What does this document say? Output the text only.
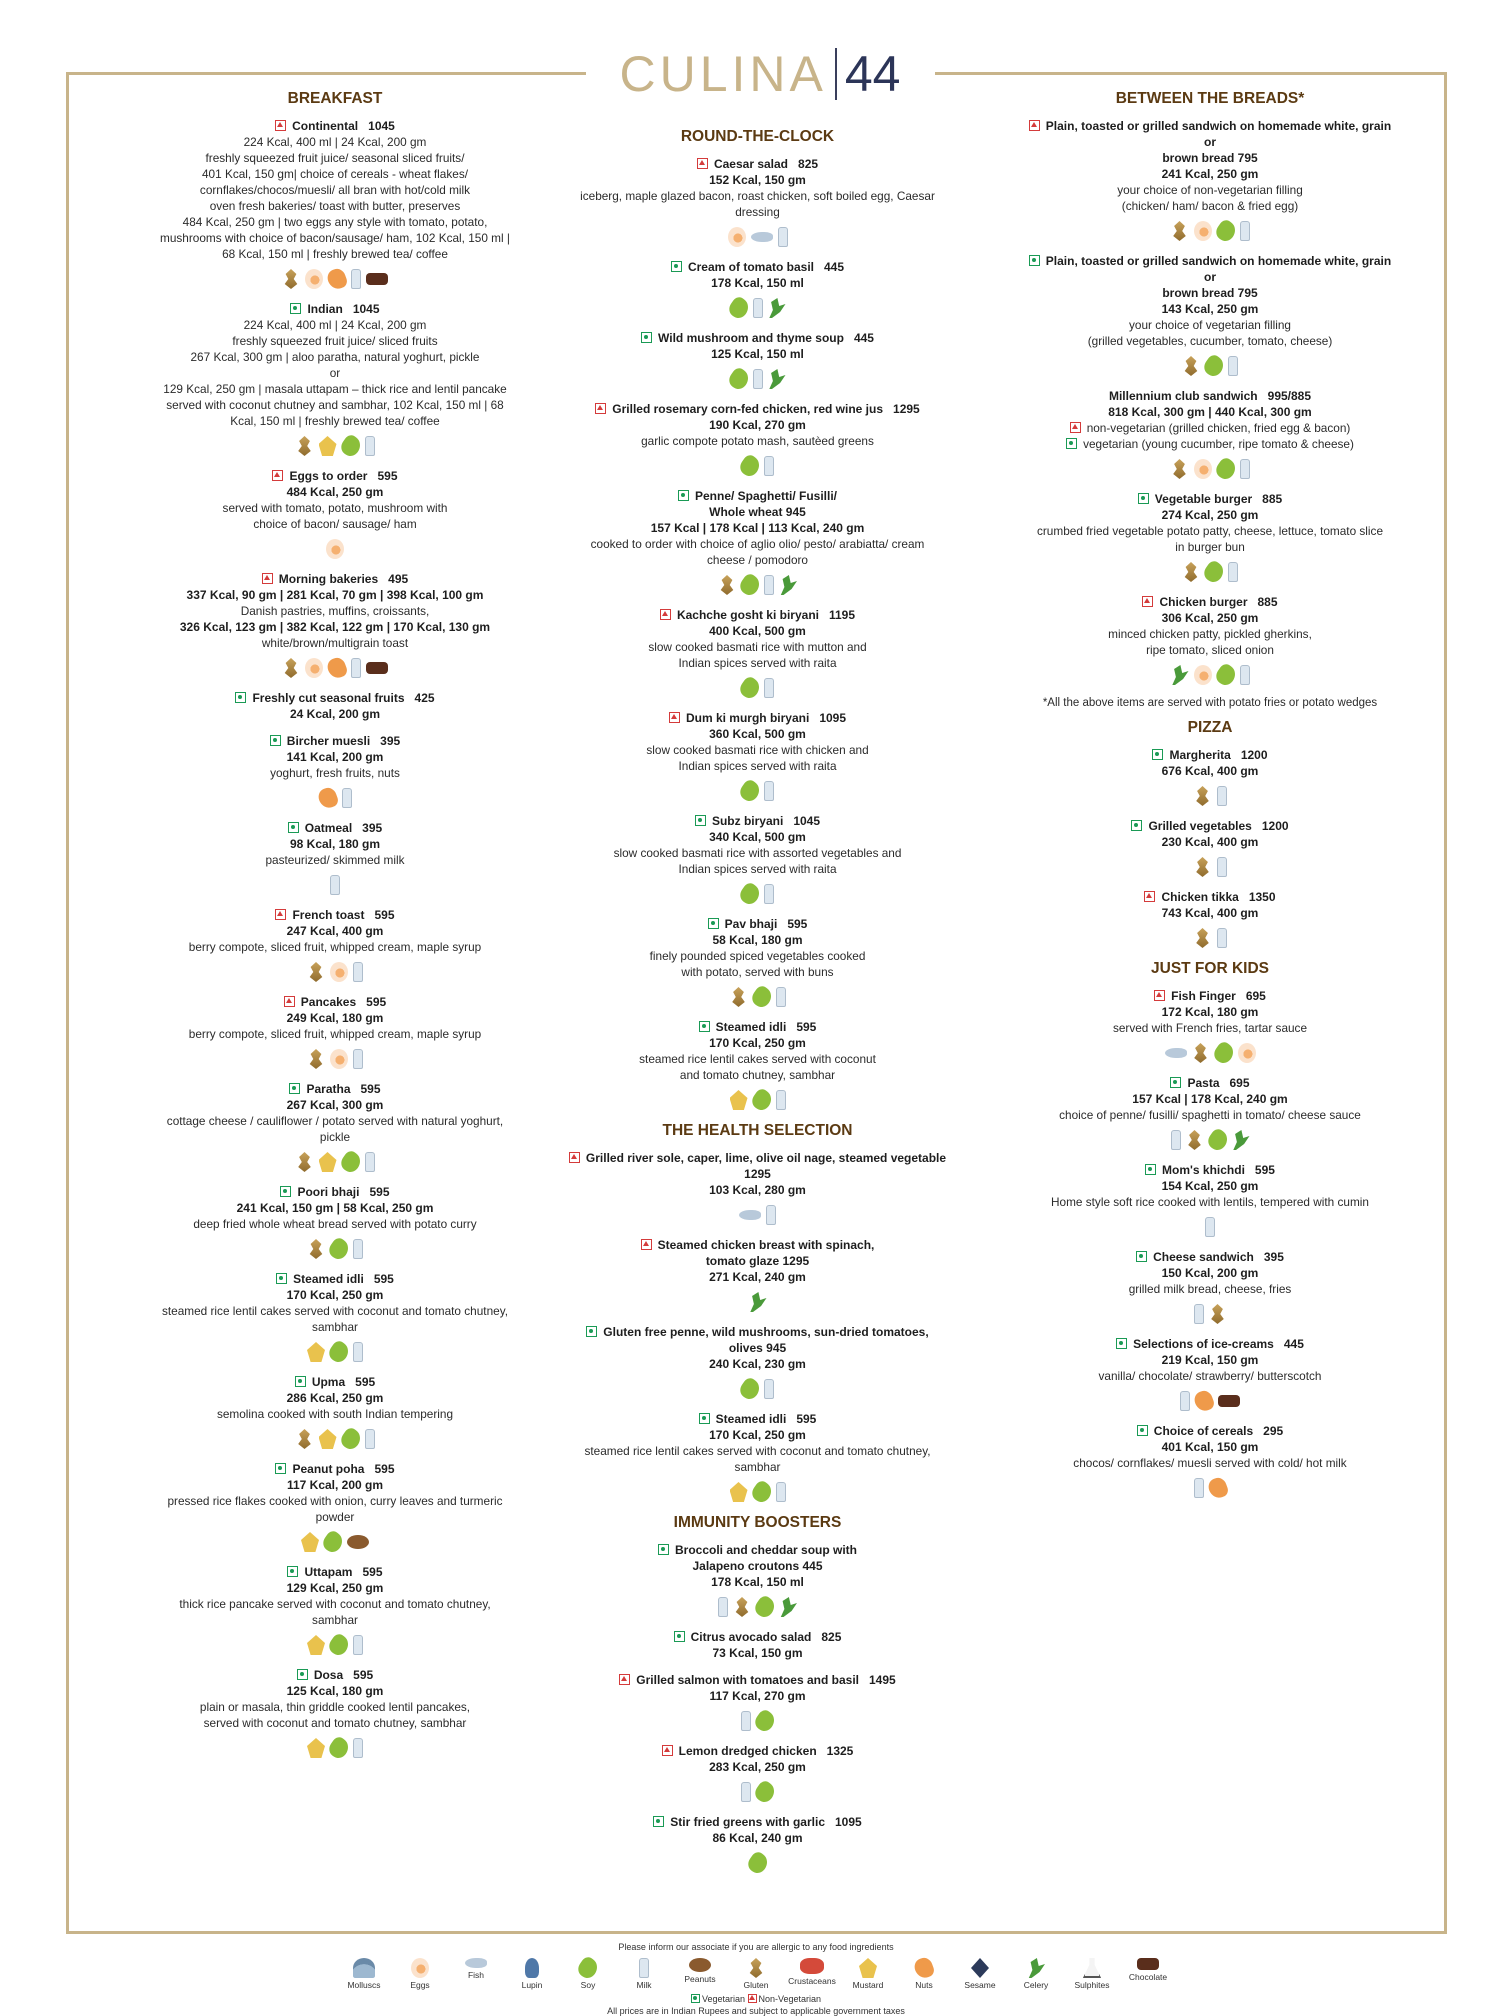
CULINA 44
BREAKFAST
Continental 1045
224 Kcal, 400 ml | 24 Kcal, 200 gm
freshly squeezed fruit juice/ seasonal sliced fruits/
401 Kcal, 150 gm| choice of cereals - wheat flakes/
cornflakes/chocos/muesli/ all bran with hot/cold milk
oven fresh bakeries/ toast with butter, preserves
484 Kcal, 250 gm | two eggs any style with tomato, potato,
mushrooms with choice of bacon/sausage/ ham, 102 Kcal, 150 ml |
68 Kcal, 150 ml | freshly brewed tea/ coffee
Indian 1045
224 Kcal, 400 ml | 24 Kcal, 200 gm
freshly squeezed fruit juice/ sliced fruits
267 Kcal, 300 gm | aloo paratha, natural yoghurt, pickle
or
129 Kcal, 250 gm | masala uttapam – thick rice and lentil pancake
served with coconut chutney and sambhar, 102 Kcal, 150 ml | 68
Kcal, 150 ml | freshly brewed tea/ coffee
Eggs to order 595
484 Kcal, 250 gm
served with tomato, potato, mushroom with
choice of bacon/ sausage/ ham
Morning bakeries 495
337 Kcal, 90 gm | 281 Kcal, 70 gm | 398 Kcal, 100 gm
Danish pastries, muffins, croissants,
326 Kcal, 123 gm | 382 Kcal, 122 gm | 170 Kcal, 130 gm
white/brown/multigrain toast
Freshly cut seasonal fruits 425
24 Kcal, 200 gm
Bircher muesli 395
141 Kcal, 200 gm
yoghurt, fresh fruits, nuts
Oatmeal 395
98 Kcal, 180 gm
pasteurized/ skimmed milk
French toast 595
247 Kcal, 400 gm
berry compote, sliced fruit, whipped cream, maple syrup
Pancakes 595
249 Kcal, 180 gm
berry compote, sliced fruit, whipped cream, maple syrup
Paratha 595
267 Kcal, 300 gm
cottage cheese / cauliflower / potato served with natural yoghurt,
pickle
Poori bhaji 595
241 Kcal, 150 gm | 58 Kcal, 250 gm
deep fried whole wheat bread served with potato curry
Steamed idli 595
170 Kcal, 250 gm
steamed rice lentil cakes served with coconut and tomato chutney,
sambhar
Upma 595
286 Kcal, 250 gm
semolina cooked with south Indian tempering
Peanut poha 595
117 Kcal, 200 gm
pressed rice flakes cooked with onion, curry leaves and turmeric
powder
Uttapam 595
129 Kcal, 250 gm
thick rice pancake served with coconut and tomato chutney,
sambhar
Dosa 595
125 Kcal, 180 gm
plain or masala, thin griddle cooked lentil pancakes,
served with coconut and tomato chutney, sambhar
ROUND-THE-CLOCK
Caesar salad 825
152 Kcal, 150 gm
iceberg, maple glazed bacon, roast chicken, soft boiled egg, Caesar
dressing
Cream of tomato basil 445
178 Kcal, 150 ml
Wild mushroom and thyme soup 445
125 Kcal, 150 ml
Grilled rosemary corn-fed chicken, red wine jus 1295
190 Kcal, 270 gm
garlic compote potato mash, sautèed greens
Penne/ Spaghetti/ Fusilli/
Whole wheat 945
157 Kcal | 178 Kcal | 113 Kcal, 240 gm
cooked to order with choice of aglio olio/ pesto/ arabiatta/ cream
cheese / pomodoro
Kachche gosht ki biryani 1195
400 Kcal, 500 gm
slow cooked basmati rice with mutton and
Indian spices served with raita
Dum ki murgh biryani 1095
360 Kcal, 500 gm
slow cooked basmati rice with chicken and
Indian spices served with raita
Subz biryani 1045
340 Kcal, 500 gm
slow cooked basmati rice with assorted vegetables and
Indian spices served with raita
Pav bhaji 595
58 Kcal, 180 gm
finely pounded spiced vegetables cooked
with potato, served with buns
Steamed idli 595
170 Kcal, 250 gm
steamed rice lentil cakes served with coconut
and tomato chutney, sambhar
THE HEALTH SELECTION
Grilled river sole, caper, lime, olive oil nage, steamed vegetable
1295
103 Kcal, 280 gm
Steamed chicken breast with spinach,
tomato glaze 1295
271 Kcal, 240 gm
Gluten free penne, wild mushrooms, sun-dried tomatoes,
olives 945
240 Kcal, 230 gm
Steamed idli 595
170 Kcal, 250 gm
steamed rice lentil cakes served with coconut and tomato chutney,
sambhar
IMMUNITY BOOSTERS
Broccoli and cheddar soup with
Jalapeno croutons 445
178 Kcal, 150 ml
Citrus avocado salad 825
73 Kcal, 150 gm
Grilled salmon with tomatoes and basil 1495
117 Kcal, 270 gm
Lemon dredged chicken 1325
283 Kcal, 250 gm
Stir fried greens with garlic 1095
86 Kcal, 240 gm
BETWEEN THE BREADS*
Plain, toasted or grilled sandwich on homemade white, grain
or
brown bread 795
241 Kcal, 250 gm
your choice of non-vegetarian filling
(chicken/ ham/ bacon & fried egg)
Plain, toasted or grilled sandwich on homemade white, grain
or
brown bread 795
143 Kcal, 250 gm
your choice of vegetarian filling
(grilled vegetables, cucumber, tomato, cheese)
Millennium club sandwich 995/885
818 Kcal, 300 gm | 440 Kcal, 300 gm
non-vegetarian (grilled chicken, fried egg & bacon)
vegetarian (young cucumber, ripe tomato & cheese)
Vegetable burger 885
274 Kcal, 250 gm
crumbed fried vegetable potato patty, cheese, lettuce, tomato slice
in burger bun
Chicken burger 885
306 Kcal, 250 gm
minced chicken patty, pickled gherkins,
ripe tomato, sliced onion
*All the above items are served with potato fries or potato wedges
PIZZA
Margherita 1200
676 Kcal, 400 gm
Grilled vegetables 1200
230 Kcal, 400 gm
Chicken tikka 1350
743 Kcal, 400 gm
JUST FOR KIDS
Fish Finger 695
172 Kcal, 180 gm
served with French fries, tartar sauce
Pasta 695
157 Kcal | 178 Kcal, 240 gm
choice of penne/ fusilli/ spaghetti in tomato/ cheese sauce
Mom's khichdi 595
154 Kcal, 250 gm
Home style soft rice cooked with lentils, tempered with cumin
Cheese sandwich 395
150 Kcal, 200 gm
grilled milk bread, cheese, fries
Selections of ice-creams 445
219 Kcal, 150 gm
vanilla/ chocolate/ strawberry/ butterscotch
Choice of cereals 295
401 Kcal, 150 gm
chocos/ cornflakes/ muesli served with cold/ hot milk
Please inform our associate if you are allergic to any food ingredients
Molluscs	Eggs
Fish
Lupin	Soy	Milk
Peanuts
Gluten Crustaceans Mustard	Nuts	Sesame	Celery	Sulphites
Chocolate
Vegetarian Non-Vegetarian
All prices are in Indian Rupees and subject to applicable government taxes
